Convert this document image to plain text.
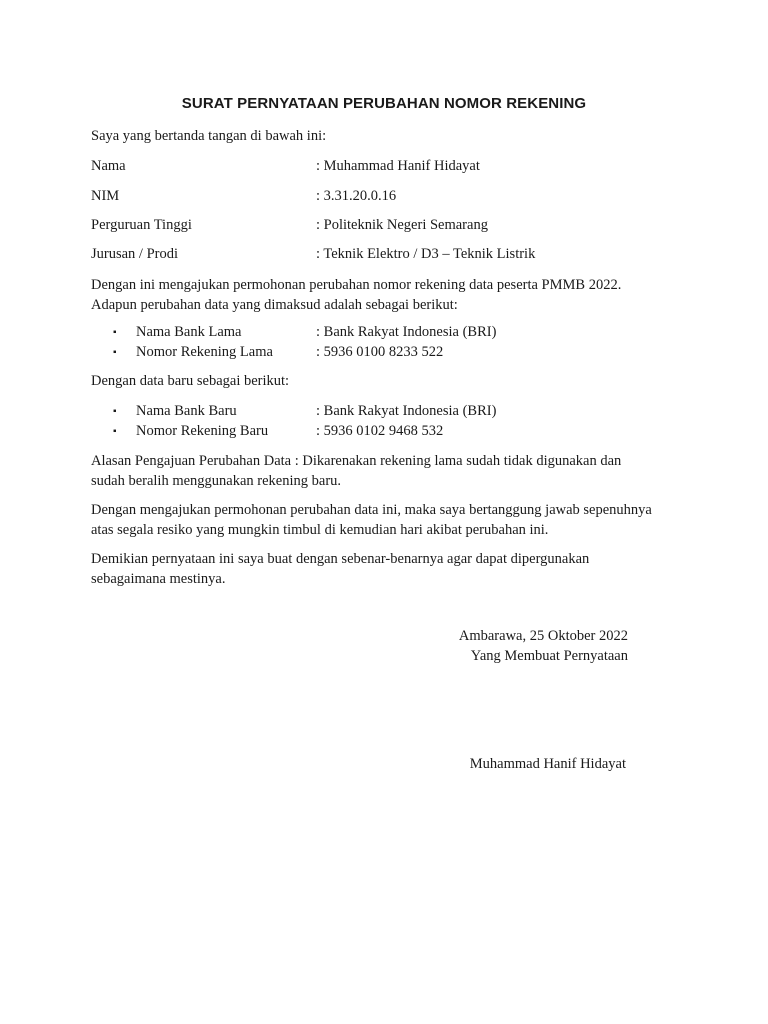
SURAT PERNYATAAN PERUBAHAN NOMOR REKENING
Saya yang bertanda tangan di bawah ini:
Nama	: Muhammad Hanif Hidayat
NIM	: 3.31.20.0.16
Perguruan Tinggi	: Politeknik Negeri Semarang
Jurusan / Prodi	: Teknik Elektro / D3 – Teknik Listrik
Dengan ini mengajukan permohonan perubahan nomor rekening data peserta PMMB 2022.
Adapun perubahan data yang dimaksud adalah sebagai berikut:
▪ Nama Bank Lama	: Bank Rakyat Indonesia (BRI)
▪ Nomor Rekening Lama	: 5936 0100 8233 522
Dengan data baru sebagai berikut:
▪ Nama Bank Baru	: Bank Rakyat Indonesia (BRI)
▪ Nomor Rekening Baru	: 5936 0102 9468 532
Alasan Pengajuan Perubahan Data : Dikarenakan rekening lama sudah tidak digunakan dan
sudah beralih menggunakan rekening baru.
Dengan mengajukan permohonan perubahan data ini, maka saya bertanggung jawab sepenuhnya
atas segala resiko yang mungkin timbul di kemudian hari akibat perubahan ini.
Demikian pernyataan ini saya buat dengan sebenar-benarnya agar dapat dipergunakan
sebagaimana mestinya.
Ambarawa, 25 Oktober 2022
Yang Membuat Pernyataan
Muhammad Hanif Hidayat
